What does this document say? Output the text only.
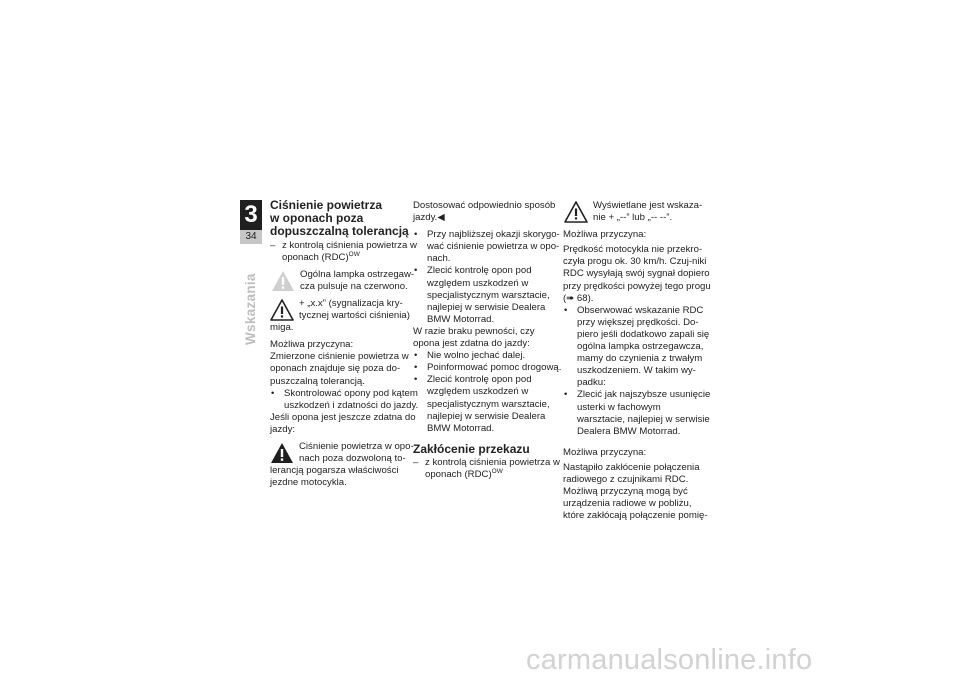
3
34
Wskazania
Ciśnienie powietrza
w oponach poza
dopuszczalną tolerancją
– z kontrolą ciśnienia powietrza w oponach (RDC)$^{OW}$

Ogólna lampka ostrzegaw-cza pulsuje na czerwono.

+ „x.x” (sygnalizacja kry-tycznej wartości ciśnienia) miga.

Możliwa przyczyna:

Zmierzone ciśnienie powietrza w oponach znajduje się poza do-puszczalną tolerancją.

• Skontrolować opony pod kątem uszkodzeń i zdatności do jazdy.

Jeśli opona jest jeszcze zdatna do jazdy:

Ciśnienie powietrza w opo-nach poza dozwoloną to-lerancją pogarsza właściwości jezdne motocykla.

Dostosować odpowiednio sposób jazdy.◀

• Przy najbliższej okazji skorygo-wać ciśnienie powietrza w opo-nach.
• Zlecić kontrolę opon pod względem uszkodzeń w specjalistycznym warsztacie, najlepiej w serwisie Dealera BMW Motorrad.

W razie braku pewności, czy opona jest zdatna do jazdy:

• Nie wolno jechać dalej.
• Poinformować pomoc drogową.
• Zlecić kontrolę opon pod względem uszkodzeń w specjalistycznym warsztacie, najlepiej w serwisie Dealera BMW Motorrad.
Zakłócenie przekazu
– z kontrolą ciśnienia powietrza w oponach (RDC)$^{OW}$

Wyświetlane jest wskaza-nie + „--” lub „-- --”.

Możliwa przyczyna:

Prędkość motocykla nie przekro-czyła progu ok. 30 km/h. Czuj-niki RDC wysyłają swój sygnał dopiero przy prędkości powyżej tego progu (➠ 68).

• Obserwować wskazanie RDC przy większej prędkości. Do-piero jeśli dodatkowo zapali się ogólna lampka ostrzegawcza, mamy do czynienia z trwałym uszkodzeniem. W takim wy-padku:
• Zlecić jak najszybsze usunięcie usterki w fachowym warsztacie, najlepiej w serwisie Dealera BMW Motorrad.

Możliwa przyczyna:

Nastąpiło zakłócenie połączenia radiowego z czujnikami RDC. Możliwą przyczyną mogą być urządzenia radiowe w pobliżu, które zakłócają połączenie pomię-

carmanualsonline.info
